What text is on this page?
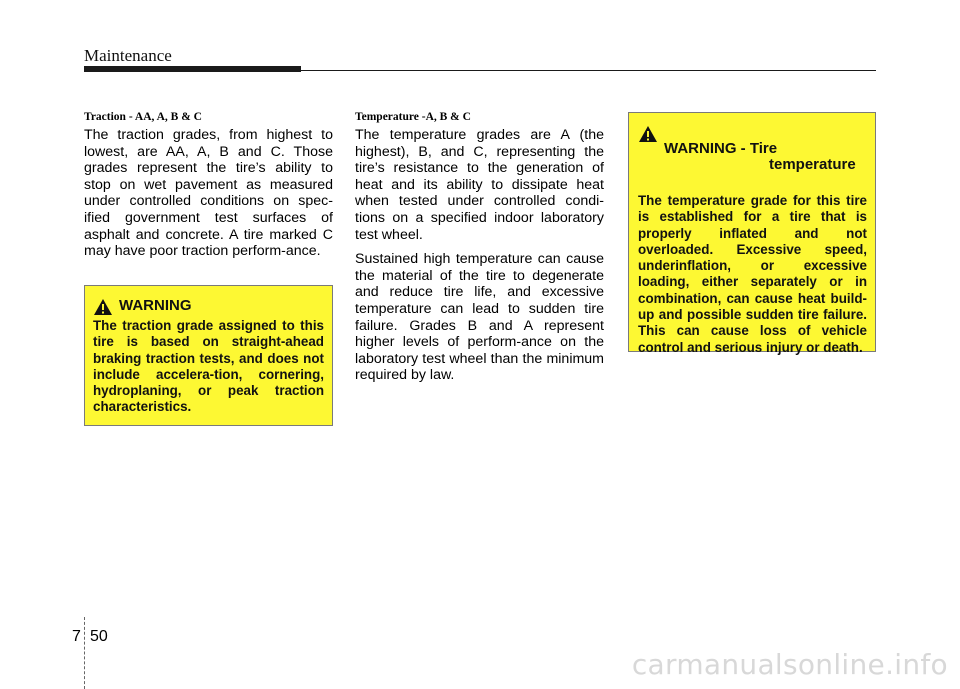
Maintenance
Traction - AA, A, B & C

The traction grades, from highest to lowest, are AA, A, B and C. Those grades represent the tire’s ability to stop on wet pavement as measured under controlled conditions on spec-ified government test surfaces of asphalt and concrete. A tire marked C may have poor traction perform-ance.

WARNING

The traction grade assigned to this tire is based on straight-ahead braking traction tests, and does not include accelera-tion, cornering, hydroplaning, or peak traction characteristics.

Temperature -A, B & C

The temperature grades are A (the highest), B, and C, representing the tire’s resistance to the generation of heat and its ability to dissipate heat when tested under controlled condi-tions on a specified indoor laboratory test wheel.

Sustained high temperature can cause the material of the tire to degenerate and reduce tire life, and excessive temperature can lead to sudden tire failure. Grades B and A represent higher levels of perform-ance on the laboratory test wheel than the minimum required by law.

WARNING - Tire

temperature

The temperature grade for this tire is established for a tire that is properly inflated and not overloaded. Excessive speed, underinflation, or excessive loading, either separately or in combination, can cause heat build-up and possible sudden tire failure. This can cause loss of vehicle control and serious injury or death.

7 50
carmanualsonline.info
